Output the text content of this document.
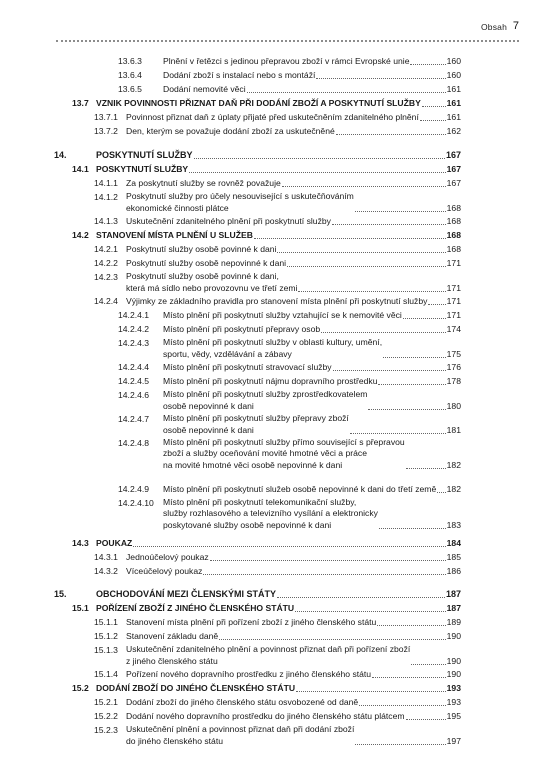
Obsah 7
13.6.3	Plnění v řetězci s jedinou přepravou zboží v rámci Evropské unie	160
13.6.4	Dodání zboží s instalací nebo s montáží	160
13.6.5	Dodání nemovité věci	161
13.7 VZNIK POVINNOSTI PŘIZNAT DAŇ PŘI DODÁNÍ ZBOŽÍ A POSKYTNUTÍ SLUŽBY	161
13.7.1 Povinnost přiznat daň z úplaty přijaté před uskutečněním zdanitelného plnění	161
13.7.2 Den, kterým se považuje dodání zboží za uskutečněné	162
14.	POSKYTNUTÍ SLUŽBY	167
14.1 POSKYTNUTÍ SLUŽBY	167
14.1.1 Za poskytnutí služby se rovněž považuje	167
14.1.2 Poskytnutí služby pro účely nesouvisející s uskutečňováním
ekonomické činnosti plátce	168
14.1.3 Uskutečnění zdanitelného plnění při poskytnutí služby	168
14.2 STANOVENÍ MÍSTA PLNĚNÍ U SLUŽEB	168
14.2.1 Poskytnutí služby osobě povinné k dani	168
14.2.2 Poskytnutí služby osobě nepovinné k dani	171
14.2.3 Poskytnutí služby osobě povinné k dani,
která má sídlo nebo provozovnu ve třetí zemi	171
14.2.4 Výjimky ze základního pravidla pro stanovení místa plnění při poskytnutí služby 171
14.2.4.1	Místo plnění při poskytnutí služby vztahující se k nemovité věci	171
14.2.4.2	Místo plnění při poskytnutí přepravy osob	174
14.2.4.3 Místo plnění při poskytnutí služby v oblasti kultury, umění,
sportu, vědy, vzdělávání a zábavy	175
14.2.4.4	Místo plnění při poskytnutí stravovací služby	176
14.2.4.5	Místo plnění při poskytnutí nájmu dopravního prostředku	178
14.2.4.6 Místo plnění při poskytnutí služby zprostředkovatelem
osobě nepovinné k dani	180
14.2.4.7 Místo plnění při poskytnutí služby přepravy zboží
osobě nepovinné k dani	181
14.2.4.8 Místo plnění při poskytnutí služby přímo související s přepravou
zboží a služby oceňování movité hmotné věci a práce
na movité hmotné věci osobě nepovinné k dani	182
14.2.4.9	Místo plnění při poskytnutí služeb osobě nepovinné k dani do třetí země 182
14.2.4.10 Místo plnění při poskytnutí telekomunikační služby,
služby rozhlasového a televizního vysílání a elektronicky
poskytované služby osobě nepovinné k dani	183
14.3 POUKAZ	184
14.3.1 Jednoúčelový poukaz	185
14.3.2 Víceúčelový poukaz	186
15.	OBCHODOVÁNÍ MEZI ČLENSKÝMI STÁTY	187
15.1 POŘÍZENÍ ZBOŽÍ Z JINÉHO ČLENSKÉHO STÁTU	187
15.1.1 Stanovení místa plnění při pořízení zboží z jiného členského státu	189
15.1.2 Stanovení základu daně	190
15.1.3 Uskutečnění zdanitelného plnění a povinnost přiznat daň při pořízení zboží
z jiného členského státu	190
15.1.4 Pořízení nového dopravního prostředku z jiného členského státu	190
15.2 DODÁNÍ ZBOŽÍ DO JINÉHO ČLENSKÉHO STÁTU	193
15.2.1 Dodání zboží do jiného členského státu osvobozené od daně	193
15.2.2 Dodání nového dopravního prostředku do jiného členského státu plátcem	195
15.2.3 Uskutečnění plnění a povinnost přiznat daň při dodání zboží
do jiného členského státu	197
